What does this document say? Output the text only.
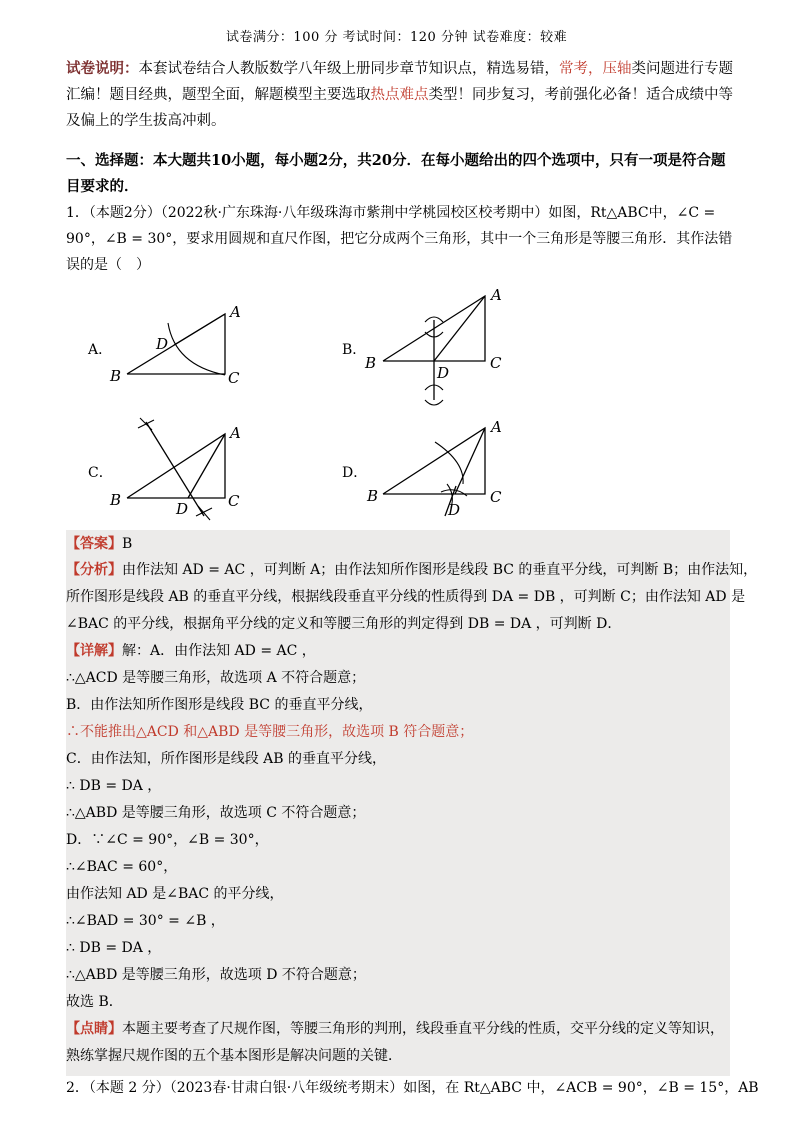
试卷满分：100 分 考试时间：120 分钟 试卷难度：较难
试卷说明：本套试卷结合人教版数学八年级上册同步章节知识点，精选易错，常考，压轴类问题进行专题汇编！题目经典，题型全面，解题模型主要选取热点难点类型！同步复习，考前强化必备！适合成绩中等及偏上的学生拔高冲刺。
一、选择题：本大题共10小题，每小题2分，共20分．在每小题给出的四个选项中，只有一项是符合题目要求的．
1．（本题2分）（2022秋·广东珠海·八年级珠海市紫荆中学桃园校区校考期中）如图，Rt△ABC中，∠C = 90°，∠B = 30°，要求用圆规和直尺作图，把它分成两个三角形，其中一个三角形是等腰三角形．其作法错误的是（　）
A．	B．
C．	D．
A
B	C
D
A
B	C
D
A
B	C
D
A
B	C
D
【答案】B
【分析】由作法知 AD = AC ，可判断 A；由作法知所作图形是线段 BC 的垂直平分线，可判断 B；由作法知，
所作图形是线段 AB 的垂直平分线，根据线段垂直平分线的性质得到 DA = DB ，可判断 C；由作法知 AD 是
∠BAC 的平分线，根据角平分线的定义和等腰三角形的判定得到 DB = DA ，可判断 D．
【详解】解：A．由作法知 AD = AC ，
∴△ACD 是等腰三角形，故选项 A 不符合题意；
B．由作法知所作图形是线段 BC 的垂直平分线，
∴不能推出△ACD 和△ABD 是等腰三角形，故选项 B 符合题意；
C．由作法知，所作图形是线段 AB 的垂直平分线，
∴ DB = DA ，
∴△ABD 是等腰三角形，故选项 C 不符合题意；
D．∵∠C = 90°，∠B = 30°，
∴∠BAC = 60°，
由作法知 AD 是∠BAC 的平分线，
∴∠BAD = 30° = ∠B ，
∴ DB = DA ，
∴△ABD 是等腰三角形，故选项 D 不符合题意；
故选 B．
【点睛】本题主要考查了尺规作图，等腰三角形的判刑，线段垂直平分线的性质，交平分线的定义等知识，
熟练掌握尺规作图的五个基本图形是解决问题的关键．
2．（本题 2 分）（2023春·甘肃白银·八年级统考期末）如图，在 Rt△ABC 中，∠ACB = 90°，∠B = 15°，AB
